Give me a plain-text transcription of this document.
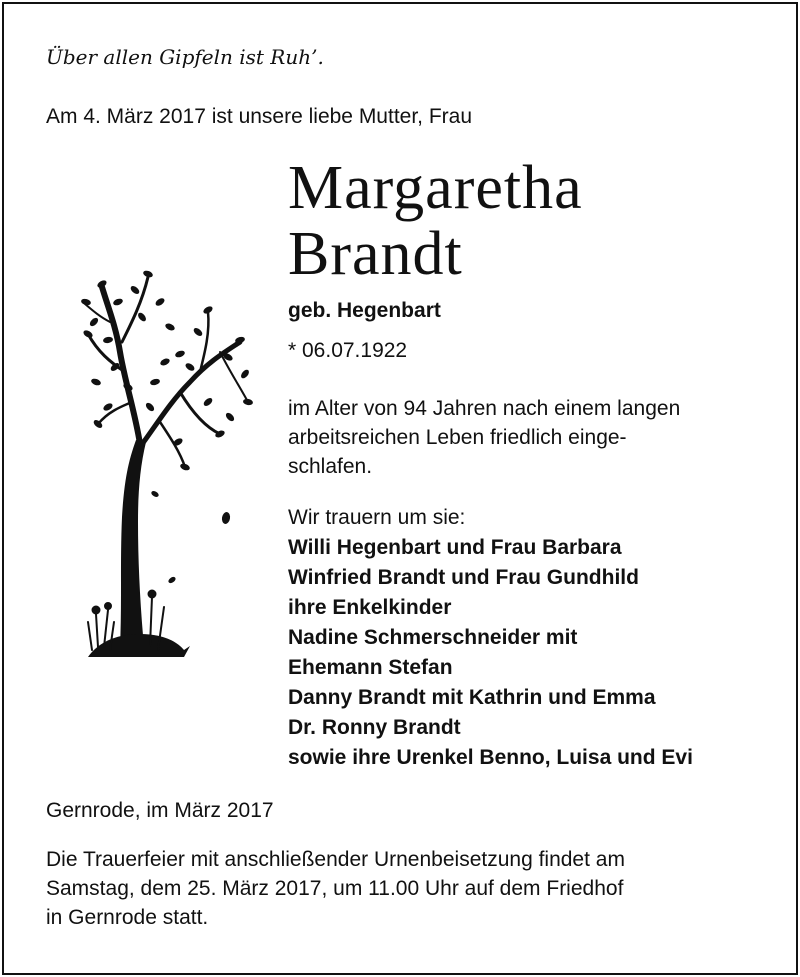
Über allen Gipfeln ist Ruh’.

Am 4. März 2017 ist unsere liebe Mutter, Frau

Margaretha
Brandt

geb. Hegenbart

* 06.07.1922

im Alter von 94 Jahren nach einem langen
arbeitsreichen Leben friedlich einge-
schlafen.

Wir trauern um sie:
Willi Hegenbart und Frau Barbara
Winfried Brandt und Frau Gundhild
ihre Enkelkinder
Nadine Schmerschneider mit
Ehemann Stefan
Danny Brandt mit Kathrin und Emma
Dr. Ronny Brandt
sowie ihre Urenkel Benno, Luisa und Evi

Gernrode, im März 2017

Die Trauerfeier mit anschließender Urnenbeisetzung findet am
Samstag, dem 25. März 2017, um 11.00 Uhr auf dem Friedhof
in Gernrode statt.
